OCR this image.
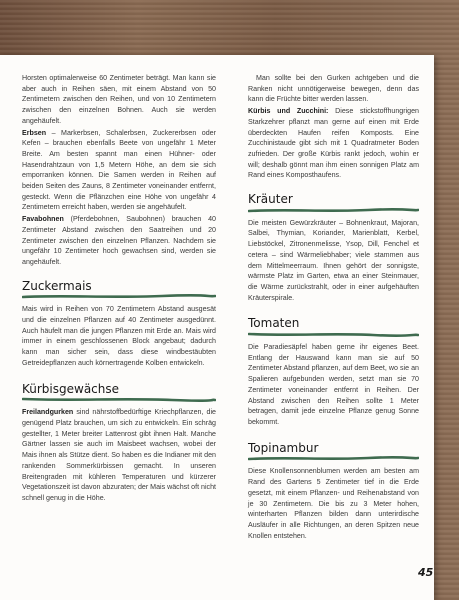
Horsten optimalerweise 60 Zentimeter beträgt. Man kann sie aber auch in Reihen säen, mit einem Abstand von 50 Zentimetern zwischen den Reihen, und von 10 Zentimetern zwischen den einzelnen Bohnen. Auch sie werden angehäufelt.

Erbsen – Markerbsen, Schalerbsen, Zuckererbsen oder Kefen – brauchen ebenfalls Beete von ungefähr 1 Meter Breite. Am besten spannt man einen Hühner- oder Hasendrahtzaun von 1,5 Metern Höhe, an dem sie sich emporranken können. Die Samen werden in Reihen auf beiden Seiten des Zauns, 8 Zentimeter voneinander entfernt, gesteckt. Wenn die Pflänzchen eine Höhe von ungefähr 4 Zentimetern erreicht haben, werden sie angehäufelt.

Favabohnen (Pferdebohnen, Saubohnen) brauchen 40 Zentimeter Abstand zwischen den Saatreihen und 20 Zentimeter zwischen den einzelnen Pflanzen. Nachdem sie ungefähr 10 Zentimeter hoch gewachsen sind, werden sie angehäufelt.

Zuckermais

Mais wird in Reihen von 70 Zentimetern Abstand ausgesät und die einzelnen Pflanzen auf 40 Zentimeter ausgedünnt. Auch häufelt man die jungen Pflanzen mit Erde an. Mais wird immer in einem geschlossenen Block angebaut; dadurch kann man sicher sein, dass diese windbestäubten Getreidepflanzen auch körnertragende Kolben entwickeln.

Kürbisgewächse

Freilandgurken sind nährstoffbedürftige Kriechpflanzen, die genügend Platz brauchen, um sich zu entwickeln. Ein schräg gestellter, 1 Meter breiter Lattenrost gibt ihnen Halt. Manche Gärtner lassen sie auch im Maisbeet wachsen, wobei der Mais ihnen als Stütze dient. So haben es die Indianer mit den rankenden Sommerkürbissen gemacht. In unseren Breitengraden mit kühleren Temperaturen und kürzerer Vegetationszeit ist davon abzuraten; der Mais wächst oft nicht schnell genug in die Höhe.

Man sollte bei den Gurken achtgeben und die Ranken nicht unnötigerweise bewegen, denn das kann die Früchte bitter werden lassen.

Kürbis und Zucchini: Diese stickstoffhungrigen Starkzehrer pflanzt man gerne auf einen mit Erde überdeckten Haufen reifen Komposts. Eine Zucchinistaude gibt sich mit 1 Quadratmeter Boden zufrieden. Der große Kürbis rankt jedoch, wohin er will; deshalb gönnt man ihm einen sonnigen Platz am Rand eines Komposthaufens.

Kräuter

Die meisten Gewürzkräuter – Bohnenkraut, Majoran, Salbei, Thymian, Koriander, Marienblatt, Kerbel, Liebstöckel, Zitronenmelisse, Ysop, Dill, Fenchel et cetera – sind Wärmeliebhaber; viele stammen aus dem Mittelmeerraum. Ihnen gehört der sonnigste, wärmste Platz im Garten, etwa an einer Steinmauer, die Wärme zurückstrahlt, oder in einer aufgehäuften Kräuterspirale.

Tomaten

Die Paradiesäpfel haben gerne ihr eigenes Beet. Entlang der Hauswand kann man sie auf 50 Zentimeter Abstand pflanzen, auf dem Beet, wo sie an Spalieren aufgebunden werden, setzt man sie 70 Zentimeter voneinander entfernt in Reihen. Der Abstand zwischen den Reihen sollte 1 Meter betragen, damit jede einzelne Pflanze genug Sonne bekommt.

Topinambur

Diese Knollensonnenblumen werden am besten am Rand des Gartens 5 Zentimeter tief in die Erde gesetzt, mit einem Pflanzen- und Reihenabstand von je 30 Zentimetern. Die bis zu 3 Meter hohen, winterharten Pflanzen bilden dann unterirdische Ausläufer in alle Richtungen, an deren Spitzen neue Knollen entstehen.

45
